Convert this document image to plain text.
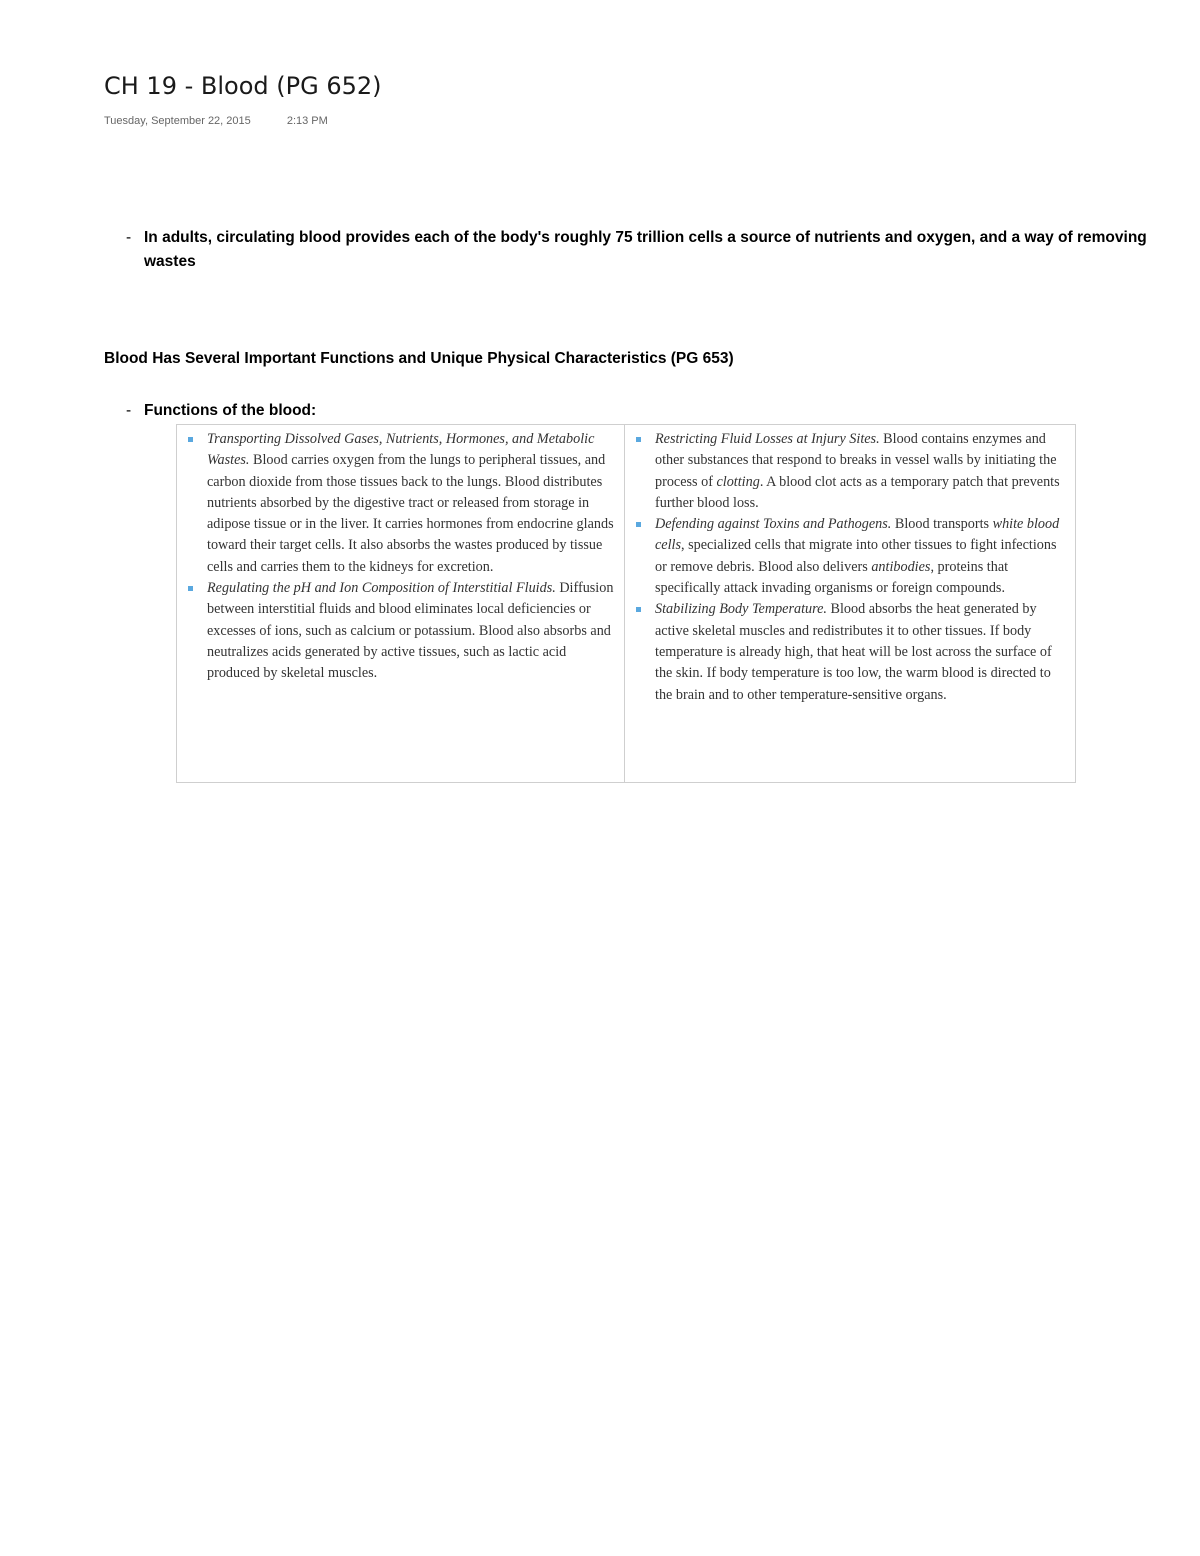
CH 19 - Blood (PG 652)
Tuesday, September 22, 2015	2:13 PM
- In adults, circulating blood provides each of the body's roughly 75 trillion cells a source of nutrients and oxygen, and a way of removing wastes
Blood Has Several Important Functions and Unique Physical Characteristics (PG 653)
- Functions of the blood:

Transporting Dissolved Gases, Nutrients, Hormones, and Metabolic Wastes. Blood carries oxygen from the lungs to peripheral tissues, and carbon dioxide from those tissues back to the lungs. Blood distributes nutrients absorbed by the digestive tract or released from storage in adipose tissue or in the liver. It carries hormones from endocrine glands toward their target cells. It also absorbs the wastes produced by tissue cells and carries them to the kidneys for excretion.

Regulating the pH and Ion Composition of Interstitial Fluids. Diffusion between interstitial fluids and blood eliminates local deficiencies or excesses of ions, such as calcium or potassium. Blood also absorbs and neutralizes acids generated by active tissues, such as lactic acid produced by skeletal muscles.

Restricting Fluid Losses at Injury Sites. Blood contains enzymes and other substances that respond to breaks in vessel walls by initiating the process of clotting. A blood clot acts as a temporary patch that prevents further blood loss.

Defending against Toxins and Pathogens. Blood transports white blood cells, specialized cells that migrate into other tissues to fight infections or remove debris. Blood also delivers antibodies, proteins that specifically attack invading organisms or foreign compounds.

Stabilizing Body Temperature. Blood absorbs the heat generated by active skeletal muscles and redistributes it to other tissues. If body temperature is already high, that heat will be lost across the surface of the skin. If body temperature is too low, the warm blood is directed to the brain and to other temperature-sensitive organs.
